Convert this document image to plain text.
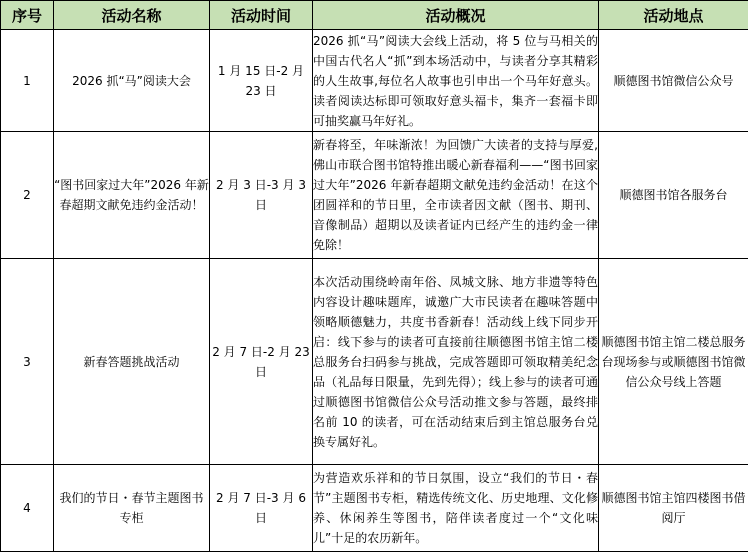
序号	活动名称	活动时间	活动概况	活动地点
1	2026 抓“马”阅读大会	1 月 15 日-2 月 23 日	2026 抓“马”阅读大会线上活动，将 5 位与马相关的中国古代名人“抓”到本场活动中，与读者分享其精彩的人生故事,每位名人故事也引申出一个马年好意头。读者阅读达标即可领取好意头福卡，集齐一套福卡即可抽奖赢马年好礼。	顺德图书馆微信公众号
2	“图书回家过大年”2026 年新春超期文献免违约金活动！	2 月 3 日-3 月 3 日	新春将至，年味渐浓！为回馈广大读者的支持与厚爱,佛山市联合图书馆特推出暖心新春福利——“图书回家过大年”2026 年新春超期文献免违约金活动！在这个团圆祥和的节日里，全市读者因文献（图书、期刊、音像制品）超期以及读者证内已经产生的违约金一律免除！	顺德图书馆各服务台
3	新春答题挑战活动	2 月 7 日-2 月 23 日	本次活动围绕岭南年俗、凤城文脉、地方非遗等特色内容设计趣味题库，诚邀广大市民读者在趣味答题中领略顺德魅力，共度书香新春！活动线上线下同步开启：线下参与的读者可直接前往顺德图书馆主馆二楼总服务台扫码参与挑战，完成答题即可领取精美纪念品（礼品每日限量，先到先得）；线上参与的读者可通过顺德图书馆微信公众号活动推文参与答题，最终排名前 10 的读者，可在活动结束后到主馆总服务台兑换专属好礼。	顺德图书馆主馆二楼总服务台现场参与或顺德图书馆微信公众号线上答题
4	我们的节日・春节主题图书专柜	2 月 7 日-3 月 6 日	为营造欢乐祥和的节日氛围，设立“我们的节日・春节”主题图书专柜，精选传统文化、历史地理、文化修养、休闲养生等图书，陪伴读者度过一个“文化味儿”十足的农历新年。	顺德图书馆主馆四楼图书借阅厅
